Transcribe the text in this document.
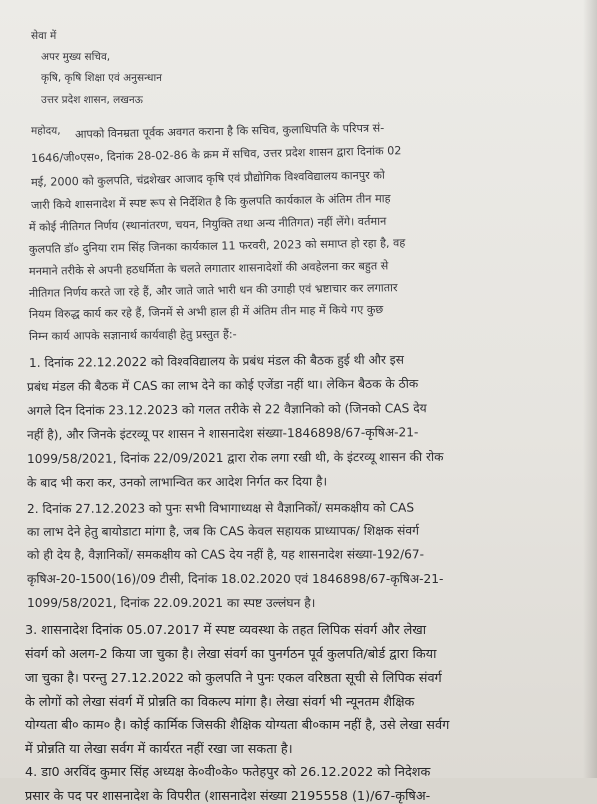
सेवा में

अपर मुख्य सचिव,

कृषि, कृषि शिक्षा एवं अनुसन्धान

उत्तर प्रदेश शासन, लखनऊ

महोदय, आपको विनम्रता पूर्वक अवगत कराना है कि सचिव, कुलाधिपति के परिपत्र सं-

1646/जी०एस०, दिनांक 28-02-86 के क्रम में सचिव, उत्तर प्रदेश शासन द्वारा दिनांक 02

मई, 2000 को कुलपति, चंद्रशेखर आजाद कृषि एवं प्रौद्योगिक विश्वविद्यालय कानपुर को

जारी किये शासनादेश में स्पष्ट रूप से निर्देशित है कि कुलपति कार्यकाल के अंतिम तीन माह

में कोई नीतिगत निर्णय (स्थानांतरण, चयन, नियुक्ति तथा अन्य नीतिगत) नहीं लेंगे। वर्तमान

कुलपति डॉ० दुनिया राम सिंह जिनका कार्यकाल 11 फरवरी, 2023 को समाप्त हो रहा है, वह

मनमाने तरीके से अपनी हठधर्मिता के चलते लगातार शासनादेशों की अवहेलना कर बहुत से

नीतिगत निर्णय करते जा रहे हैं, और जाते जाते भारी धन की उगाही एवं भ्रष्टाचार कर लगातार

नियम विरुद्ध कार्य कर रहे हैं, जिनमें से अभी हाल ही में अंतिम तीन माह में किये गए कुछ

निम्न कार्य आपके सज्ञानार्थ कार्यवाही हेतु प्रस्तुत हैं:-

1. दिनांक 22.12.2022 को विश्वविद्यालय के प्रबंध मंडल की बैठक हुई थी और इस

प्रबंध मंडल की बैठक में CAS का लाभ देने का कोई एजेंडा नहीं था। लेकिन बैठक के ठीक

अगले दिन दिनांक 23.12.2023 को गलत तरीके से 22 वैज्ञानिको को (जिनको CAS देय

नहीं है), और जिनके इंटरव्यू पर शासन ने शासनादेश संख्या-1846898/67-कृषिअ-21-

1099/58/2021, दिनांक 22/09/2021 द्वारा रोक लगा रखी थी, के इंटरव्यू शासन की रोक

के बाद भी करा कर, उनको लाभान्वित कर आदेश निर्गत कर दिया है।

2. दिनांक 27.12.2023 को पुनः सभी विभागाध्यक्ष से वैज्ञानिकों/ समकक्षीय को CAS

का लाभ देने हेतु बायोडाटा मांगा है, जब कि CAS केवल सहायक प्राध्यापक/ शिक्षक संवर्ग

को ही देय है, वैज्ञानिकों/ समकक्षीय को CAS देय नहीं है, यह शासनादेश संख्या-192/67-

कृषिअ-20-1500(16)/09 टीसी, दिनांक 18.02.2020 एवं 1846898/67-कृषिअ-21-

1099/58/2021, दिनांक 22.09.2021 का स्पष्ट उल्लंघन है।

3. शासनादेश दिनांक 05.07.2017 में स्पष्ट व्यवस्था के तहत लिपिक संवर्ग और लेखा

संवर्ग को अलग-2 किया जा चुका है। लेखा संवर्ग का पुनर्गठन पूर्व कुलपति/बोर्ड द्वारा किया

जा चुका है। परन्तु 27.12.2022 को कुलपति ने पुनः एकल वरिष्ठता सूची से लिपिक संवर्ग

के लोगों को लेखा संवर्ग में प्रोन्नति का विकल्प मांगा है। लेखा संवर्ग भी न्यूनतम शैक्षिक

योग्यता बी० काम० है। कोई कार्मिक जिसकी शैक्षिक योग्यता बी०काम नहीं है, उसे लेखा सर्वग

में प्रोन्नति या लेखा सर्वग में कार्यरत नहीं रखा जा सकता है।

4. डा0 अरविंद कुमार सिंह अध्यक्ष के०वी०के० फतेहपुर को 26.12.2022 को निदेशक

प्रसार के पद पर शासनादेश के विपरीत (शासनादेश संख्या 2195558 (1)/67-कृषिअ-
